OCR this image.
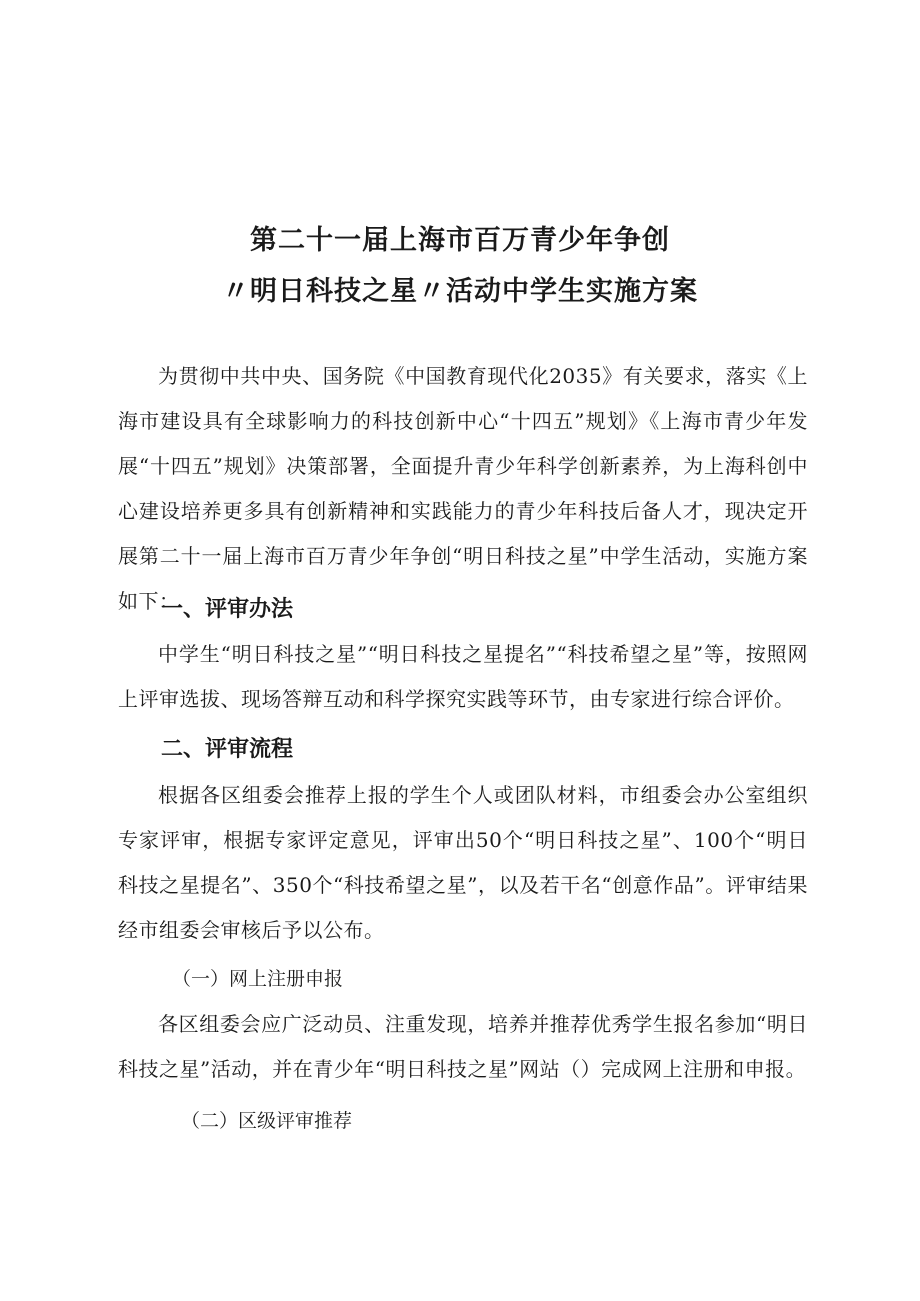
第二十一届上海市百万青少年争创
〃明日科技之星〃活动中学生实施方案

为贯彻中共中央、国务院《中国教育现代化2035》有关要求，落实《上海市建设具有全球影响力的科技创新中心“十四五”规划》《上海市青少年发展“十四五”规划》决策部署，全面提升青少年科学创新素养，为上海科创中心建设培养更多具有创新精神和实践能力的青少年科技后备人才，现决定开展第二十一届上海市百万青少年争创“明日科技之星”中学生活动，实施方案如下：

一、评审办法

中学生“明日科技之星”“明日科技之星提名”“科技希望之星”等，按照网上评审选拔、现场答辩互动和科学探究实践等环节，由专家进行综合评价。

二、评审流程

根据各区组委会推荐上报的学生个人或团队材料，市组委会办公室组织专家评审，根据专家评定意见，评审出50个“明日科技之星”、100个“明日科技之星提名”、350个“科技希望之星”，以及若干名“创意作品”。评审结果经市组委会审核后予以公布。

（一）网上注册申报

各区组委会应广泛动员、注重发现，培养并推荐优秀学生报名参加“明日科技之星”活动，并在青少年“明日科技之星”网站（）完成网上注册和申报。

（二）区级评审推荐
